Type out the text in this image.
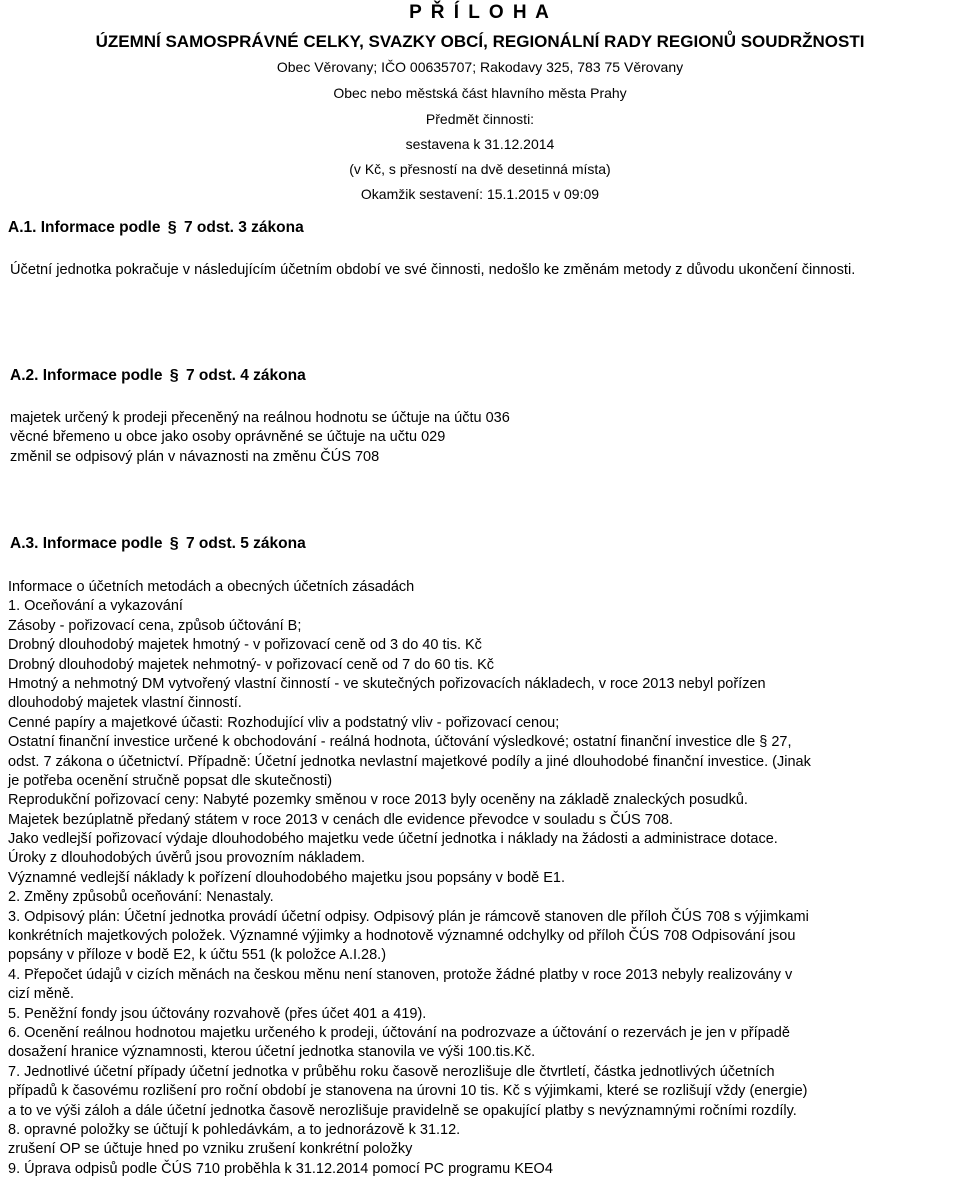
P Ř Í L O H A
ÚZEMNÍ SAMOSPRÁVNÉ CELKY, SVAZKY OBCÍ, REGIONÁLNÍ RADY REGIONŮ SOUDRŽNOSTI
Obec Věrovany; IČO 00635707; Rakodavy 325, 783 75 Věrovany
Obec nebo městská část hlavního města Prahy
Předmět činnosti:
sestavena k 31.12.2014
(v Kč, s přesností na dvě desetinná místa)
Okamžik sestavení: 15.1.2015 v 09:09
A.1. Informace podle § 7 odst. 3 zákona
Účetní jednotka pokračuje v následujícím účetním období ve své činnosti, nedošlo ke změnám metody z důvodu ukončení činnosti.
A.2. Informace podle § 7 odst. 4 zákona
majetek určený k prodeji přeceněný na reálnou hodnotu se účtuje na účtu 036
věcné břemeno u obce jako osoby oprávněné se účtuje na učtu 029
změnil se odpisový plán v návaznosti na změnu ČÚS 708
A.3. Informace podle § 7 odst. 5 zákona
Informace o účetních metodách a obecných účetních zásadách
1. Oceňování a vykazování
Zásoby - pořizovací cena, způsob účtování B;
Drobný dlouhodobý majetek hmotný - v pořizovací ceně od 3 do 40 tis. Kč
Drobný dlouhodobý majetek nehmotný- v pořizovací ceně od 7 do 60 tis. Kč
Hmotný a nehmotný DM vytvořený vlastní činností - ve skutečných pořizovacích nákladech, v roce 2013 nebyl pořízen
dlouhodobý majetek vlastní činností.
Cenné papíry a majetkové účasti: Rozhodující vliv a podstatný vliv - pořizovací cenou;
Ostatní finanční investice určené k obchodování - reálná hodnota, účtování výsledkové; ostatní finanční investice dle § 27,
odst. 7 zákona o účetnictví. Případně: Účetní jednotka nevlastní majetkové podíly a jiné dlouhodobé finanční investice. (Jinak
je potřeba ocenění stručně popsat dle skutečnosti)
Reprodukční pořizovací ceny: Nabyté pozemky směnou v roce 2013 byly oceněny na základě znaleckých posudků.
Majetek bezúplatně předaný státem v roce 2013 v cenách dle evidence převodce v souladu s ČÚS 708.
Jako vedlejší pořizovací výdaje dlouhodobého majetku vede účetní jednotka i náklady na žádosti a administrace dotace.
Úroky z dlouhodobých úvěrů jsou provozním nákladem.
Významné vedlejší náklady k pořízení dlouhodobého majetku jsou popsány v bodě E1.
2. Změny způsobů oceňování: Nenastaly.
3. Odpisový plán: Účetní jednotka provádí účetní odpisy. Odpisový plán je rámcově stanoven dle příloh ČÚS 708 s výjimkami
konkrétních majetkových položek. Významné výjimky a hodnotově významné odchylky od příloh ČÚS 708 Odpisování jsou
popsány v příloze v bodě E2, k účtu 551 (k položce A.I.28.)
4. Přepočet údajů v cizích měnách na českou měnu není stanoven, protože žádné platby v roce 2013 nebyly realizovány v
cizí měně.
5. Peněžní fondy jsou účtovány rozvahově (přes účet 401 a 419).
6. Ocenění reálnou hodnotou majetku určeného k prodeji, účtování na podrozvaze a účtování o rezervách je jen v případě
dosažení hranice významnosti, kterou účetní jednotka stanovila ve výši 100.tis.Kč.
7. Jednotlivé účetní případy účetní jednotka v průběhu roku časově nerozlišuje dle čtvrtletí, částka jednotlivých účetních
případů k časovému rozlišení pro roční období je stanovena na úrovni 10 tis. Kč s výjimkami, které se rozlišují vždy (energie)
a to ve výši záloh a dále účetní jednotka časově nerozlišuje pravidelně se opakující platby s nevýznamnými ročními rozdíly.
8. opravné položky se účtují k pohledávkám, a to jednorázově k 31.12.
zrušení OP se účtuje hned po vzniku zrušení konkrétní položky
9. Úprava odpisů podle ČÚS 710 proběhla k 31.12.2014 pomocí PC programu KEO4
